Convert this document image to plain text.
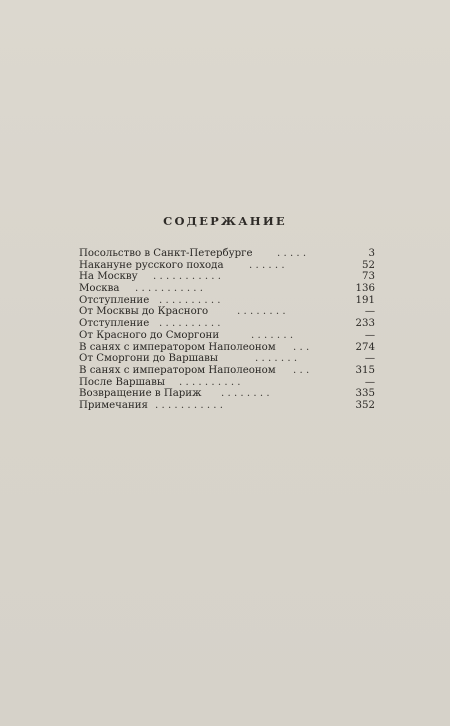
СОДЕРЖАНИЕ
Посольство в Санкт-Петербурге . . . . .	3
Накануне русского похода . . . . . .	52
На Москву . . . . . . . . . . .	73
Москва . . . . . . . . . . .	136
Отступление . . . . . . . . . .	191
От Москвы до Красного	. . . . . . . .	—
Отступление . . . . . . . . . .	233
От Красного до Сморгони	. . . . . . .	—
В санях с императором Наполеоном . . .	274
От Сморгони до Варшавы	. . . . . . .	—
В санях с императором Наполеоном . . .	315
После Варшавы . . . . . . . . . .	—
Возвращение в Париж . . . . . . . .	335
Примечания . . . . . . . . . . .	352
